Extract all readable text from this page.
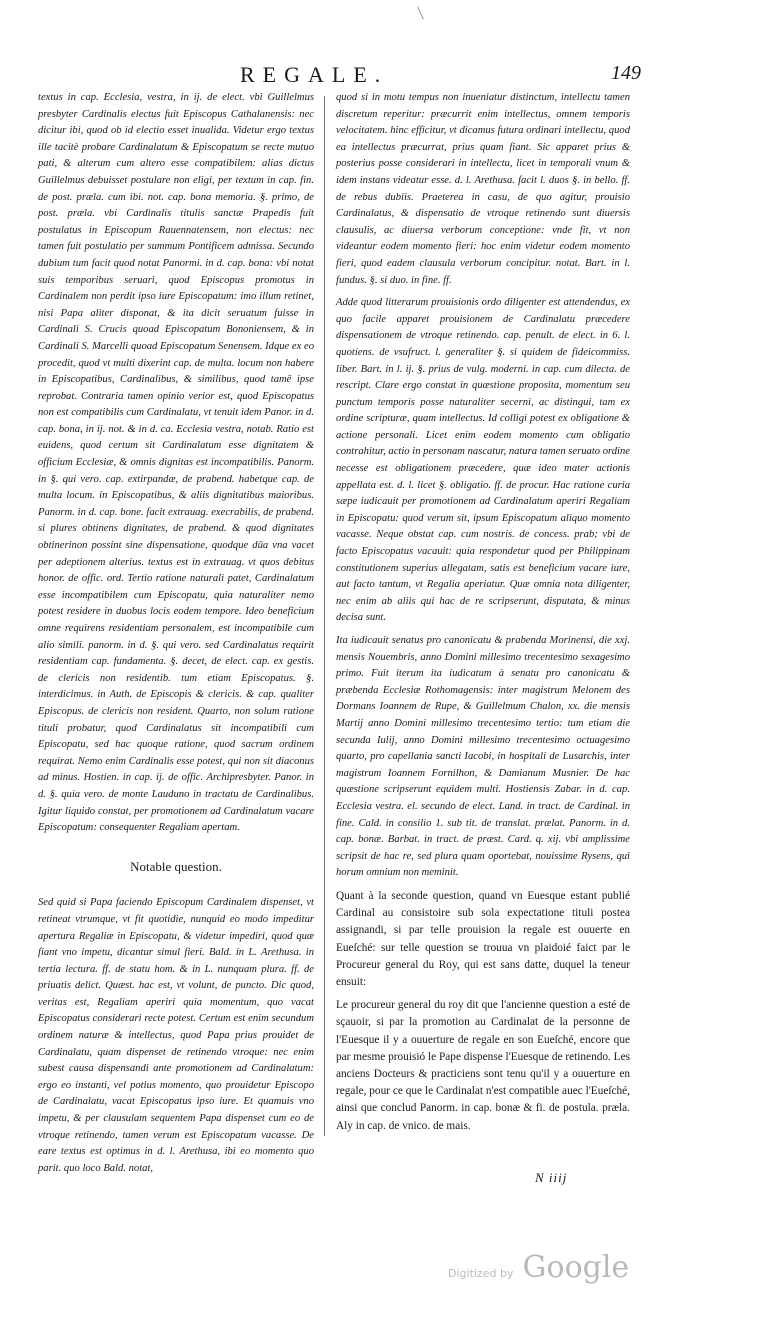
REGALE.	149

textus in cap. Ecclesia, vestra, in ij. de elect. vbi Guillelmus presbyter Cardinalis electus fuit Episcopus Cathalanensis: nec dicitur ibi, quod ob id electio esset inualida. Videtur ergo textus ille tacitè probare Cardinalatum & Episcopatum se recte mutuo pati, & alterum cum altero esse compatibilem: alias dictus Guillelmus debuisset postulare non eligi, per textum in cap. fin. de post. præla. cum ibi. not. cap. bona memoria. §. primo, de post. præla. vbi Cardinalis titulis sanctæ Prapedis fuit postulatus in Episcopum Rauennatensem, non electus: nec tamen fuit postulatio per summum Pontificem admissa. Secundo dubium tum facit quod notat Panormi. in d. cap. bona: vbi notat suis temporibus seruari, quod Episcopus promotus in Cardinalem non perdit ipso iure Episcopatum: imo illum retinet, nisi Papa aliter disponat, & ita dicit seruatum fuisse in Cardinali S. Crucis quoad Episcopatum Bononiensem, & in Cardinali S. Marcelli quoad Episcopatum Senensem. Idque ex eo procedit, quod vt multi dixerint cap. de multa. locum non habere in Episcopatibus, Cardinalibus, & similibus, quod tamē ipse reprobat. Contraria tamen opinio verior est, quod Episcopatus non est compatibilis cum Cardinalatu, vt tenuit idem Panor. in d. cap. bona, in ij. not. & in d. ca. Ecclesia vestra, notab. Ratio est euidens, quod certum sit Cardinalatum esse dignitatem & officium Ecclesiæ, & omnis dignitas est incompatibilis. Panorm. in §. qui vero. cap. extirpandæ, de prabend. habetque cap. de multa locum. in Episcopatibus, & aliis dignitatibus maioribus. Panorm. in d. cap. bone. facit extrauag. execrabilis, de prabend. si plures obtinens dignitates, de prabend. & quod dignitates obtinerinon possint sine dispensatione, quodque dūa vna vacet per adeptionem alterius. textus est in extrauag. vt quos debitus honor. de offic. ord. Tertio ratione naturali patet, Cardinalatum esse incompatibilem cum Episcopatu, quia naturaliter nemo potest residere in duobus locis eodem tempore. Ideo beneficium omne requirens residentiam personalem, est incompatibile cum alio simili. panorm. in d. §. qui vero. sed Cardinalatus requirit residentiam cap. fundamenta. §. decet, de elect. cap. ex gestis. de clericis non residentib. tum etiam Episcopatus. §. interdicimus. in Auth. de Episcopis & clericis. & cap. qualiter Episcopus. de clericis non resident. Quarto, non solum ratione tituli probatur, quod Cardinalatus sit incompatibili cum Episcopatu, sed hac quoque ratione, quod sacrum ordinem requirat. Nemo enim Cardinalis esse potest, qui non sit diaconus ad minus. Hostien. in cap. ij. de offic. Archipresbyter. Panor. in d. §. quia vero. de monte Lauduno in tractatu de Cardinalibus. Igitur liquido constat, per promotionem ad Cardinalatum vacare Episcopatum: consequenter Regaliam apertam.

Notable question.

Sed quid si Papa faciendo Episcopum Cardinalem dispenset, vt retineat vtrumque, vt fit quotidie, nunquid eo modo impeditur apertura Regaliæ in Episcopatu, & videtur impediri, quod quæ fiant vno impetu, dicantur simul fieri. Bald. in L. Arethusa. in tertia lectura. ff. de statu hom. & in L. nunquam plura. ff. de priuatis delict. Quæst. hac est, vt volunt, de puncto. Dic quod, veritas est, Regaliam aperiri quia momentum, quo vacat Episcopatus considerari recte potest. Certum est enim secundum ordinem naturæ & intellectus, quod Papa prius prouidet de Cardinalatu, quam dispenset de retinendo vtroque: nec enim subest causa dispensandi ante promotionem ad Cardinalatum: ergo eo instanti, vel potius momento, quo prouidetur Episcopo de Cardinalatu, vacat Episcopatus ipso iure. Et quamuis vno impetu, & per clausulam sequentem Papa dispenset cum eo de vtroque retinendo, tamen verum est Episcopatum vacasse. De eare textus est optimus in d. l. Arethusa, ibi eo momento quo parit. quo loco Bald. notat,

quod si in motu tempus non inueniatur distinctum, intellectu tamen discretum reperitur: præcurrit enim intellectus, omnem temporis velocitatem. hinc efficitur, vt dicamus futura ordinari intellectu, quod ea intellectus præcurrat, prius quam fiant. Sic apparet prius & posterius posse considerari in intellectu, licet in temporali vnum & idem instans videatur esse. d. l. Arethusa. facit l. duos §. in bello. ff. de rebus dubiis. Praeterea in casu, de quo agitur, prouisio Cardinalatus, & dispensatio de vtroque retinendo sunt diuersis clausulis, ac diuersa verborum conceptione: vnde fit, vt non videantur eodem momento fieri: hoc enim videtur eodem momento fieri, quod eadem clausula verborum concipitur. notat. Bart. in l. fundus. §. si duo. in fine. ff.

Adde quod litterarum prouisionis ordo diligenter est attendendus, ex quo facile apparet prouisionem de Cardinalatu præcedere dispensationem de vtroque retinendo. cap. penult. de elect. in 6. l. quotiens. de vsufruct. l. generaliter §. si quidem de fideicommiss. liber. Bart. in l. ij. §. prius de vulg. moderni. in cap. cum dilecta. de rescript. Clare ergo constat in quæstione proposita, momentum seu punctum temporis posse naturaliter secerni, ac distingui, tam ex ordine scripturæ, quam intellectus. Id colligi potest ex obligatione & actione personali. Licet enim eodem momento cum obligatio contrahitur, actio in personam nascatur, natura tamen seruato ordine necesse est obligationem præcedere, quæ ideo mater actionis appellata est. d. l. licet §. obligatio. ff. de procur. Hac ratione curia sæpe iudicauit per promotionem ad Cardinalatum aperiri Regaliam in Episcopatu: quod verum sit, ipsum Episcopatum aliquo momento vacasse. Neque obstat cap. cum nostris. de concess. prab; vbi de facto Episcopatus vacauit: quia respondetur quod per Philippinam constitutionem superius allegatam, satis est beneficium vacare iure, aut facto tantum, vt Regalia aperiatur. Quæ omnia nota diligenter, nec enim ab aliis qui hac de re scripserunt, disputata, & minus decisa sunt.

Ita iudicauit senatus pro canonicatu & prabenda Morinensi, die xxj. mensis Nouembris, anno Domini millesimo trecentesimo sexagesimo primo. Fuit iterum ita iudicatum à senatu pro canonicatu & præbenda Ecclesiæ Rothomagensis: inter magistrum Melonem des Dormans Ioannem de Rupe, & Guillelmum Chalon, xx. die mensis Martij anno Domini millesimo trecentesimo tertio: tum etiam die secunda Iulij, anno Domini millesimo trecentesimo octuagesimo quarto, pro capellania sancti Iacobi, in hospitali de Lusarchis, inter magistrum Ioannem Fornilhon, & Damianum Musnier. De hac quæstione scripserunt equidem multi. Hostiensis Zabar. in d. cap. Ecclesia vestra. el. secundo de elect. Land. in tract. de Cardinal. in fine. Cald. in consilio 1. sub tit. de translat. prælat. Panorm. in d. cap. bonæ. Barbat. in tract. de præst. Card. q. xij. vbi amplissime scripsit de hac re, sed plura quam oportebat, nouissime Rysens, qui horum omnium non meminit.

Quant à la seconde question, quand vn Euesque estant publié Cardinal au consistoire sub sola expectatione tituli postea assignandi, si par telle prouision la regale est ouuerte en Eueſché: sur telle question se trouua vn plaidoié faict par le Procureur general du Roy, qui est sans datte, duquel la teneur ensuit:

Le procureur general du roy dit que l'ancienne question a esté de sçauoir, si par la promotion au Cardinalat de la personne de l'Euesque il y a ouuerture de regale en son Eueſché, encore que par mesme prouisió le Pape dispense l'Euesque de retinendo. Les anciens Docteurs & practiciens sont tenu qu'il y a ouuerture en regale, pour ce que le Cardinalat n'est compatible auec l'Eueſché, ainsi que conclud Panorm. in cap. bonæ & fi. de postula. præla. Aly in cap. de vnico. de mais.

N iiij
Digitized by Google
